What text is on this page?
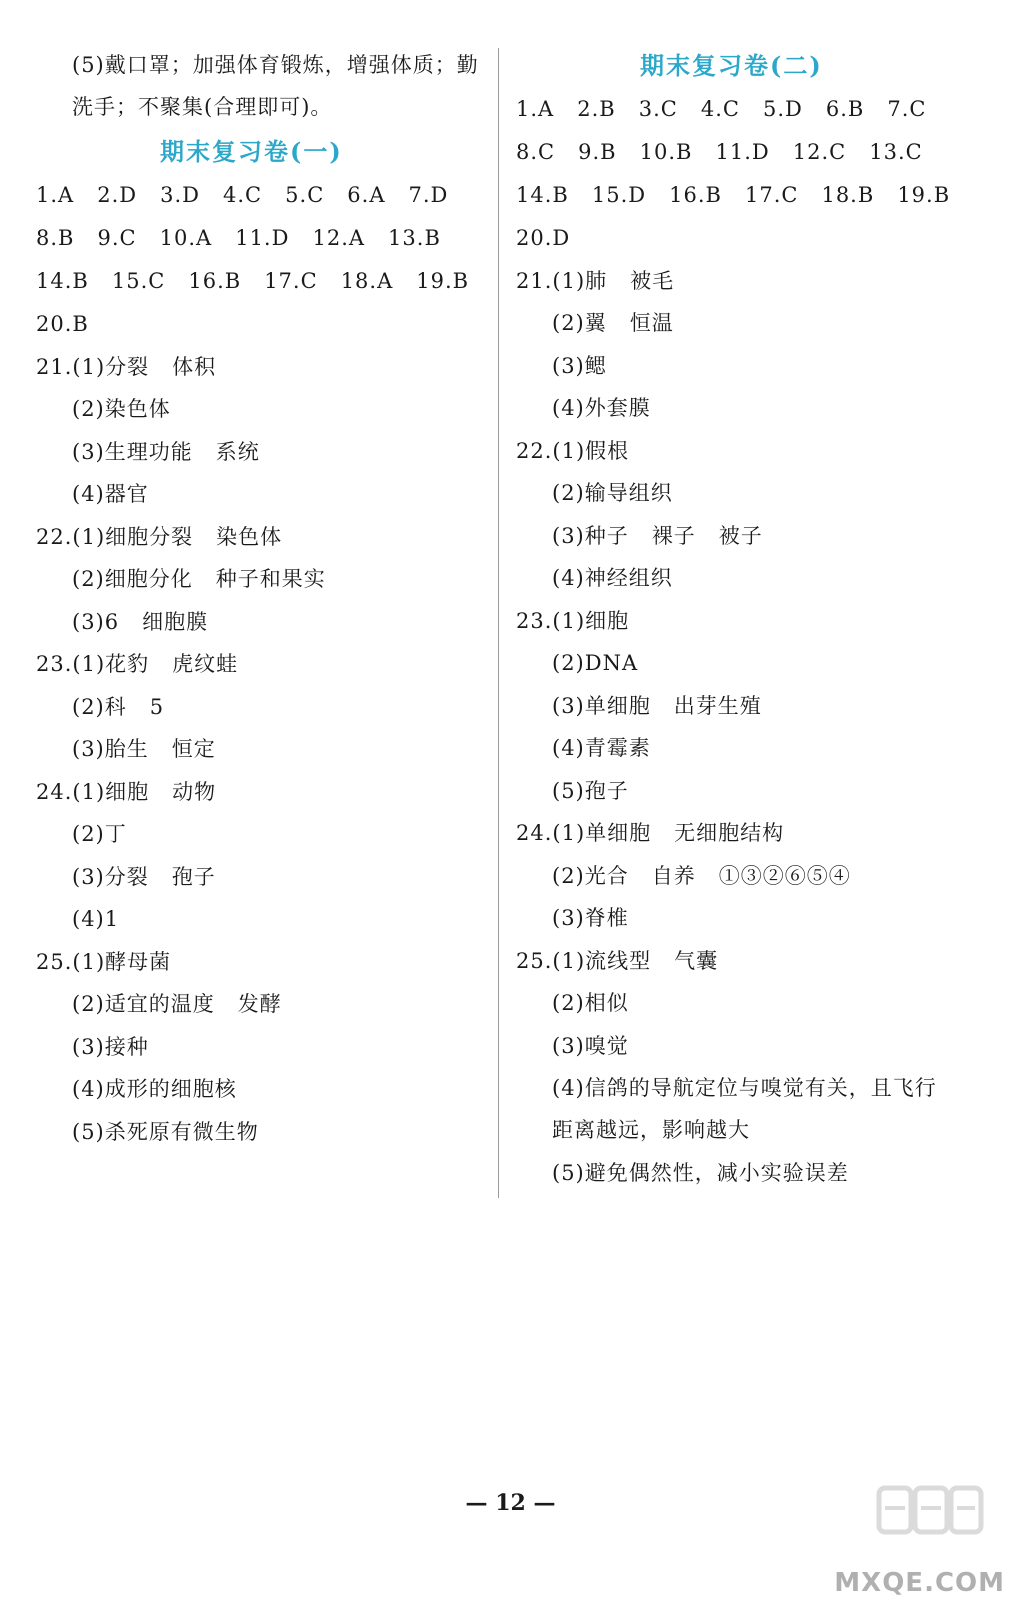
(5)戴口罩；加强体育锻炼，增强体质；勤
洗手；不聚集(合理即可)。
期末复习卷(一)
1.A   2.D   3.D   4.C   5.C   6.A   7.D
8.B   9.C   10.A   11.D   12.A   13.B
14.B   15.C   16.B   17.C   18.A   19.B
20.B
21.(1)分裂   体积
(2)染色体
(3)生理功能   系统
(4)器官
22.(1)细胞分裂   染色体
(2)细胞分化   种子和果实
(3)6   细胞膜
23.(1)花豹   虎纹蛙
(2)科   5
(3)胎生   恒定
24.(1)细胞   动物
(2)丁
(3)分裂   孢子
(4)1
25.(1)酵母菌
(2)适宜的温度   发酵
(3)接种
(4)成形的细胞核
(5)杀死原有微生物
期末复习卷(二)
1.A   2.B   3.C   4.C   5.D   6.B   7.C
8.C   9.B   10.B   11.D   12.C   13.C
14.B   15.D   16.B   17.C   18.B   19.B
20.D
21.(1)肺   被毛
(2)翼   恒温
(3)鳃
(4)外套膜
22.(1)假根
(2)输导组织
(3)种子   裸子   被子
(4)神经组织
23.(1)细胞
(2)DNA
(3)单细胞   出芽生殖
(4)青霉素
(5)孢子
24.(1)单细胞   无细胞结构
(2)光合   自养   ①③②⑥⑤④
(3)脊椎
25.(1)流线型   气囊
(2)相似
(3)嗅觉
(4)信鸽的导航定位与嗅觉有关，且飞行
距离越远，影响越大
(5)避免偶然性，减小实验误差
— 12 —
MXQE.COM
